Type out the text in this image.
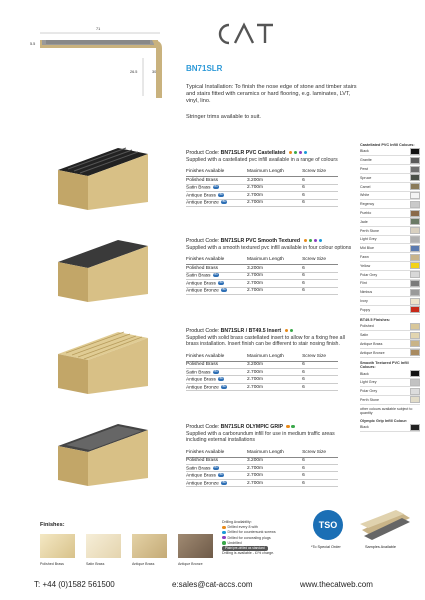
71
5.5
26.5	30	BN71SLR
Typical Installation: To finish the nose edge of stone and timber stairs and stairs fitted with ceramics or hard flooring, e.g. laminates, LVT, vinyl, lino.
Stringer trims available to suit.
Product Code: BN71SLR PVC Castellated
Supplied with a castellated pvc infill available in a range of colours
Finishes Available	Maximum Length	Screw Size
Polished Brass	3.200m	6
Satin Brass TBC	2.700m	6
Antique Brass TBC	2.700m	6
Antique Bronze TBC	2.700m	6
Product Code: BN71SLR PVC Smooth Textured
Supplied with a smooth textured pvc infill available in four colour options
Finishes Available	Maximum Length	Screw Size
Polished Brass	3.200m	6
Satin Brass TBC	2.700m	6
Antique Brass TBC	2.700m	6
Antique Bronze TBC	2.700m	6
Product Code: BN71SLR / BT49.5 Insert
Supplied with solid brass castellated insert to allow for a fixing free all brass installation. Insert finish can be different to stair nosing finish.
Finishes Available	Maximum Length	Screw Size
Polished Brass	3.200m	6
Satin Brass TBC	2.700m	6
Antique Brass TBC	2.700m	6
Antique Bronze TBC	2.700m	6
Product Code: BN71SLR OLYMPIC GRIP
Supplied with a carborundum infill for use in medium traffic areas including external installations
Finishes Available	Maximum Length	Screw Size
Polished Brass	3.200m	6
Satin Brass TBC	2.700m	6
Antique Brass TBC	2.700m	6
Antique Bronze TBC	2.700m	6
Castellated PVC Infill Colours:
Black
Granite
Pewt
Spruce
Camel
White
Regency
Pueblo
Jade
Perth Stone
Light Grey
Mid Blue
Fawn
Yellow
Polar Grey
Flint
Nimbus
Ivory
Poppy
BT49.5 Finishes:
Polished
Satin
Antique Brass
Antique Bronze
Smooth Textured PVC Infill Colours:
Black
Light Grey
Polar Grey
Perth Stone
other colours available subject to quantity
Olympic Grip Infill Colour:
Black
Finishes:
Polished Brass	Satin Brass	Antique Brass	Antique Bronze
Drilling Availability:
Drilled every 8 with
Drilled for countersunk screws
Drilled for concealing plugs
Undrilled
Plain/pre-drilled as standard
Drilling is available - £/% charge.
TSO
*To Special Order	Samples Available
T: +44 (0)1582 561500	e:sales@cat-accs.com	www.thecatweb.com
